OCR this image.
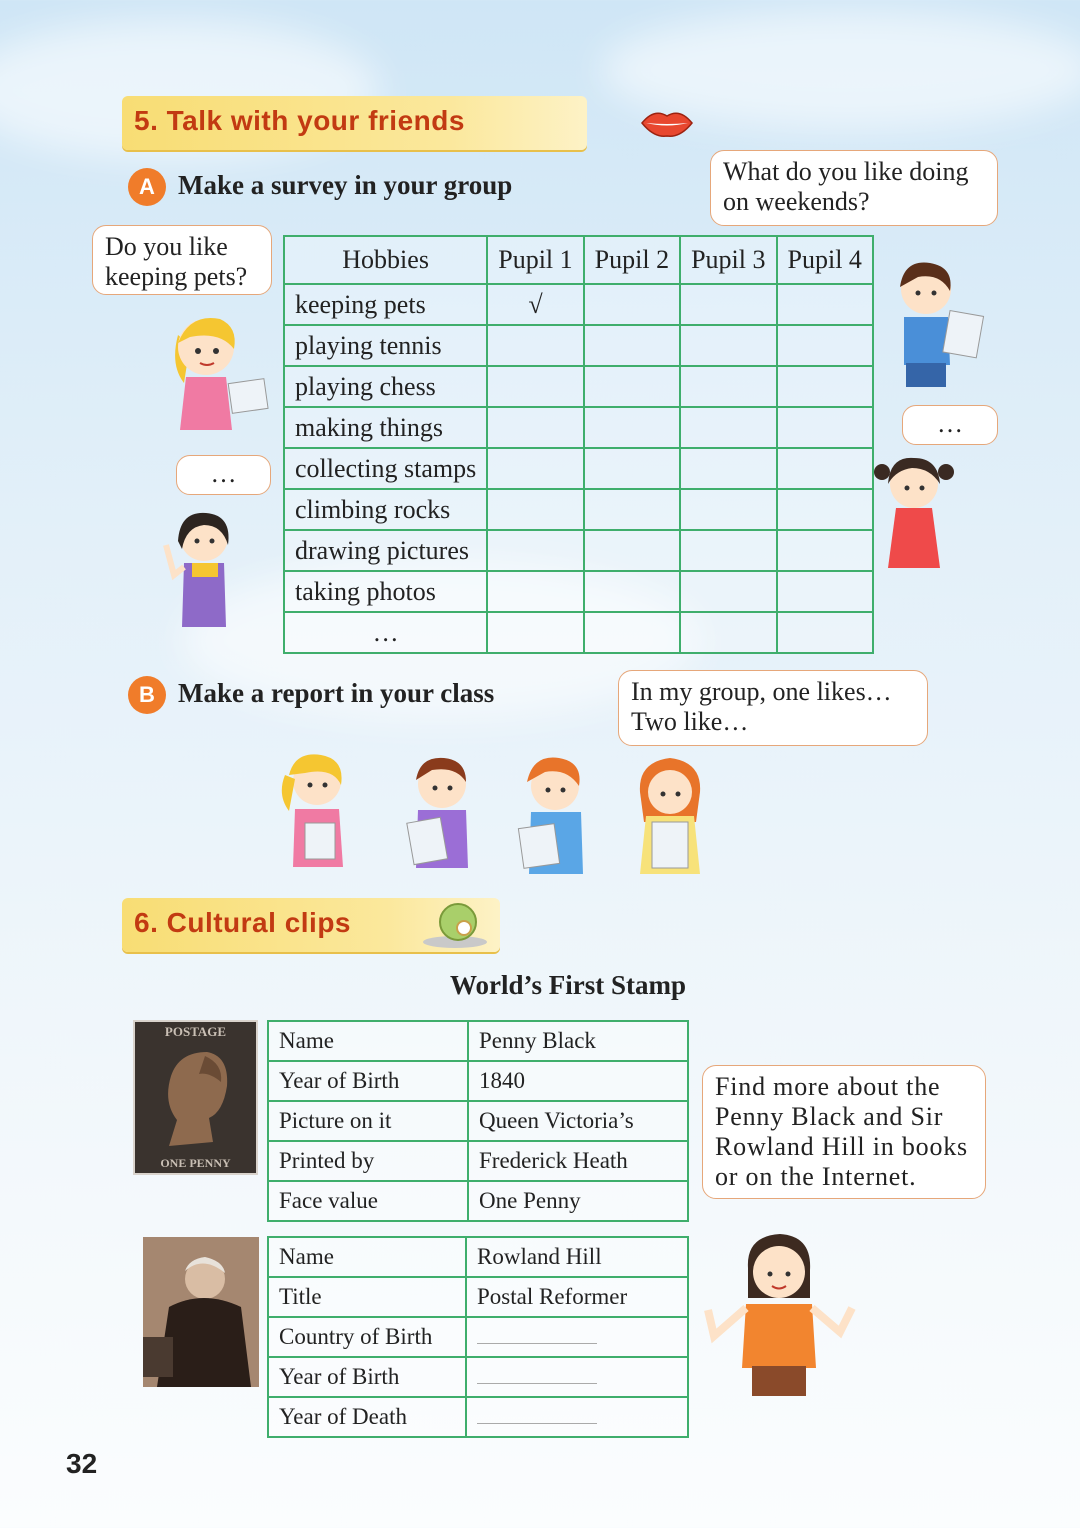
5. Talk with your friends
A Make a survey in your group
Do you like keeping pets?
What do you like doing on weekends?
…
…
Hobbies	Pupil 1	Pupil 2	Pupil 3	Pupil 4
keeping pets	√			
playing tennis				
playing chess				
making things				
collecting stamps				
climbing rocks				
drawing pictures				
taking photos				
…				
B Make a report in your class	In my group, one likes… Two like…
6. Cultural clips
World’s First Stamp
POSTAGE
ONE PENNY
Name	Penny Black
Year of Birth	1840
Picture on it	Queen Victoria’s
Printed by	Frederick Heath
Face value	One Penny
Name	Rowland Hill
Title	Postal Reformer
Country of Birth	
Year of Birth	
Year of Death	
Find more about the Penny Black and Sir Rowland Hill in books or on the Internet.
32
